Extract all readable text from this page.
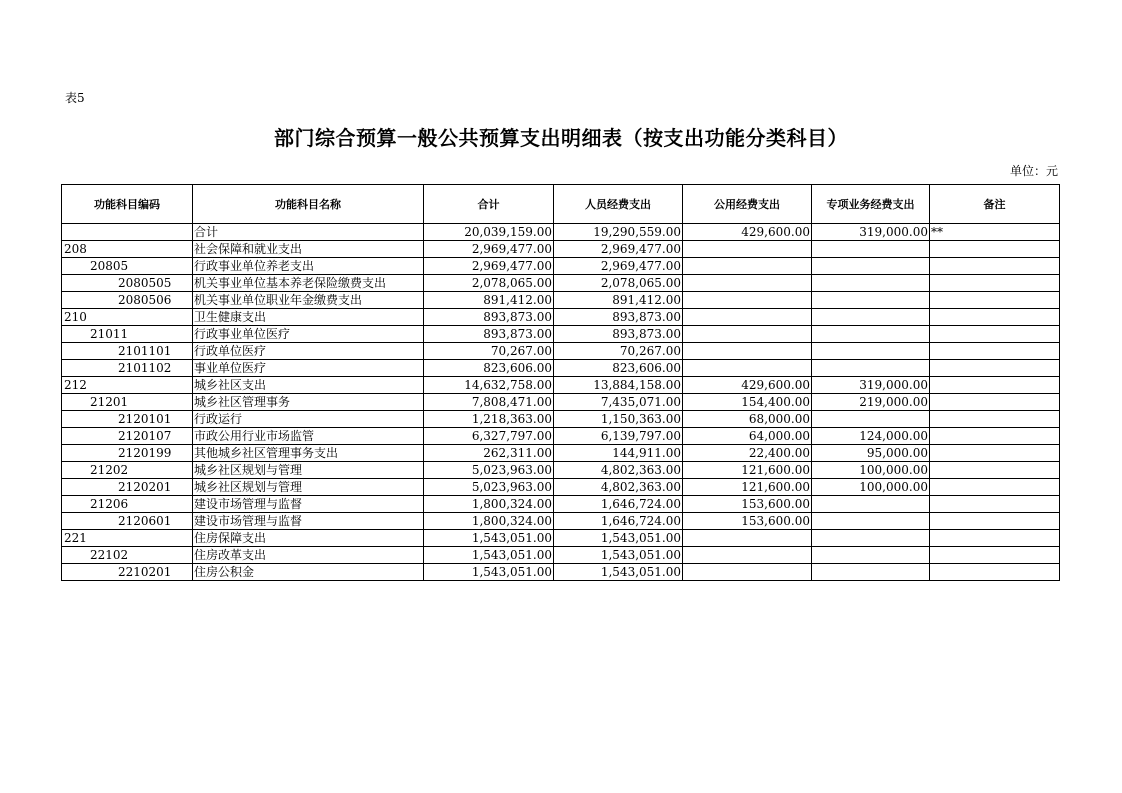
表5
部门综合预算一般公共预算支出明细表（按支出功能分类科目）
单位：元
功能科目编码	功能科目名称	合计	人员经费支出	公用经费支出	专项业务经费支出	备注
	合计	20,039,159.00	19,290,559.00	429,600.00	319,000.00	**
208	社会保障和就业支出	2,969,477.00	2,969,477.00			
20805	行政事业单位养老支出	2,969,477.00	2,969,477.00			
2080505	机关事业单位基本养老保险缴费支出	2,078,065.00	2,078,065.00			
2080506	机关事业单位职业年金缴费支出	891,412.00	891,412.00			
210	卫生健康支出	893,873.00	893,873.00			
21011	行政事业单位医疗	893,873.00	893,873.00			
2101101	行政单位医疗	70,267.00	70,267.00			
2101102	事业单位医疗	823,606.00	823,606.00			
212	城乡社区支出	14,632,758.00	13,884,158.00	429,600.00	319,000.00	
21201	城乡社区管理事务	7,808,471.00	7,435,071.00	154,400.00	219,000.00	
2120101	行政运行	1,218,363.00	1,150,363.00	68,000.00		
2120107	市政公用行业市场监管	6,327,797.00	6,139,797.00	64,000.00	124,000.00	
2120199	其他城乡社区管理事务支出	262,311.00	144,911.00	22,400.00	95,000.00	
21202	城乡社区规划与管理	5,023,963.00	4,802,363.00	121,600.00	100,000.00	
2120201	城乡社区规划与管理	5,023,963.00	4,802,363.00	121,600.00	100,000.00	
21206	建设市场管理与监督	1,800,324.00	1,646,724.00	153,600.00		
2120601	建设市场管理与监督	1,800,324.00	1,646,724.00	153,600.00		
221	住房保障支出	1,543,051.00	1,543,051.00			
22102	住房改革支出	1,543,051.00	1,543,051.00			
2210201	住房公积金	1,543,051.00	1,543,051.00			
